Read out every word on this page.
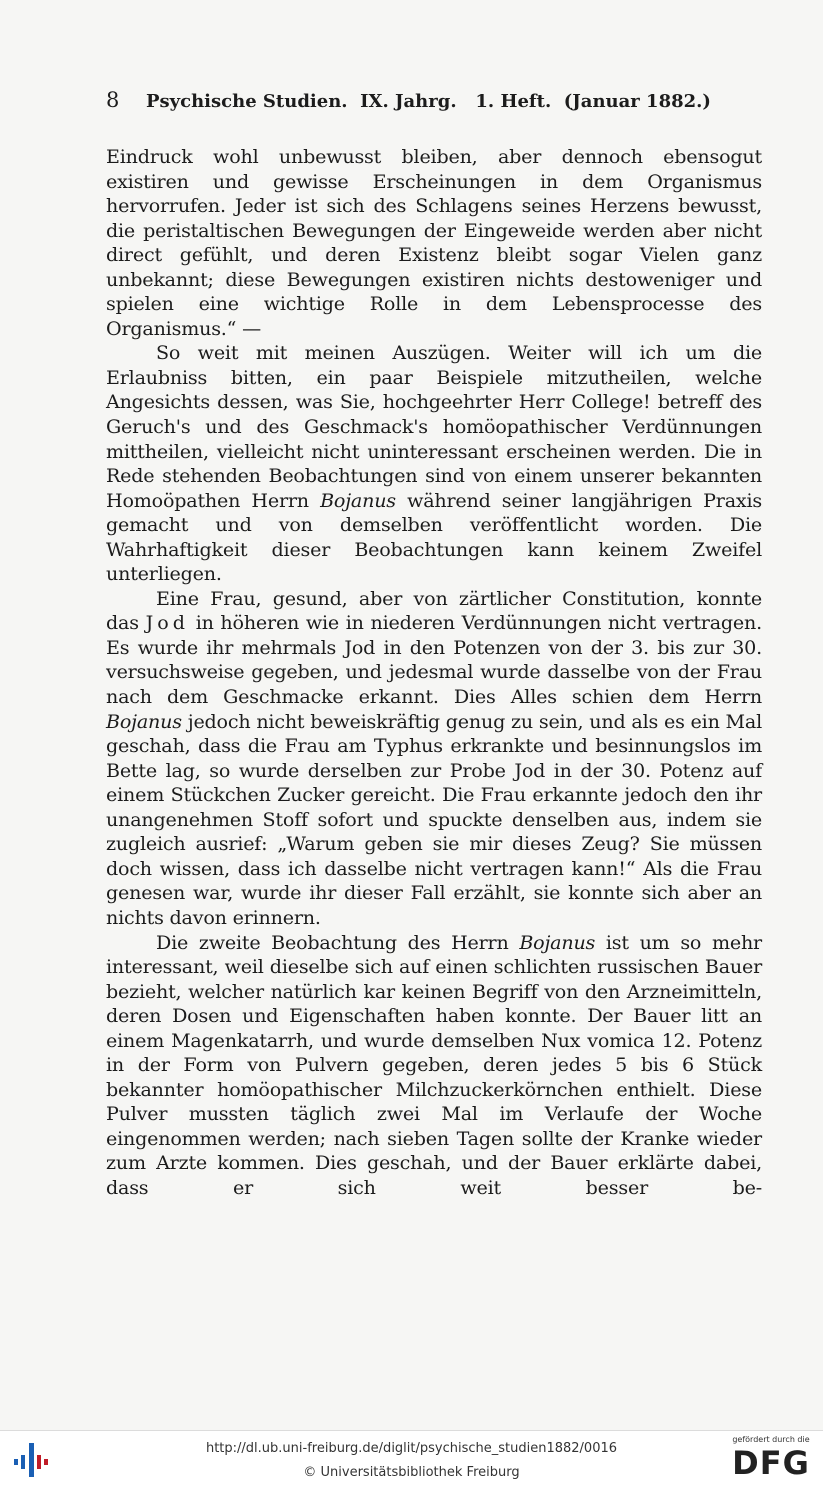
8 Psychische Studien.  IX. Jahrg.   1. Heft.  (Januar 1882.)

Eindruck wohl unbewusst bleiben, aber dennoch ebensogut existiren und gewisse Erscheinungen in dem Organismus hervorrufen. Jeder ist sich des Schlagens seines Herzens bewusst, die peristaltischen Bewegungen der Eingeweide werden aber nicht direct gefühlt, und deren Existenz bleibt sogar Vielen ganz unbekannt; diese Bewegungen existiren nichts destoweniger und spielen eine wichtige Rolle in dem Lebensprocesse des Organismus.“ —

So weit mit meinen Auszügen. Weiter will ich um die Erlaubniss bitten, ein paar Beispiele mitzutheilen, welche Angesichts dessen, was Sie, hochgeehrter Herr College! betreff des Geruch's und des Geschmack's homöopathischer Verdünnungen mittheilen, vielleicht nicht uninteressant erscheinen werden. Die in Rede stehenden Beobachtungen sind von einem unserer bekannten Homoöpathen Herrn Bojanus während seiner langjährigen Praxis gemacht und von demselben veröffentlicht worden. Die Wahrhaftigkeit dieser Beobachtungen kann keinem Zweifel unterliegen.

Eine Frau, gesund, aber von zärtlicher Constitution, konnte das Jod in höheren wie in niederen Verdünnungen nicht vertragen. Es wurde ihr mehrmals Jod in den Potenzen von der 3. bis zur 30. versuchsweise gegeben, und jedesmal wurde dasselbe von der Frau nach dem Geschmacke erkannt. Dies Alles schien dem Herrn Bojanus jedoch nicht beweiskräftig genug zu sein, und als es ein Mal geschah, dass die Frau am Typhus erkrankte und besinnungslos im Bette lag, so wurde derselben zur Probe Jod in der 30. Potenz auf einem Stückchen Zucker gereicht. Die Frau erkannte jedoch den ihr unangenehmen Stoff sofort und spuckte denselben aus, indem sie zugleich ausrief: „Warum geben sie mir dieses Zeug? Sie müssen doch wissen, dass ich dasselbe nicht vertragen kann!“ Als die Frau genesen war, wurde ihr dieser Fall erzählt, sie konnte sich aber an nichts davon erinnern.

Die zweite Beobachtung des Herrn Bojanus ist um so mehr interessant, weil dieselbe sich auf einen schlichten russischen Bauer bezieht, welcher natürlich kar keinen Begriff von den Arzneimitteln, deren Dosen und Eigenschaften haben konnte. Der Bauer litt an einem Magenkatarrh, und wurde demselben Nux vomica 12. Potenz in der Form von Pulvern gegeben, deren jedes 5 bis 6 Stück bekannter homöopathischer Milchzuckerkörnchen enthielt. Diese Pulver mussten täglich zwei Mal im Verlaufe der Woche eingenommen werden; nach sieben Tagen sollte der Kranke wieder zum Arzte kommen. Dies geschah, und der Bauer erklärte dabei, dass er sich weit besser be-

http://dl.ub.uni-freiburg.de/diglit/psychische_studien1882/0016
© Universitätsbibliothek Freiburg
gefördert durch die
DFG
